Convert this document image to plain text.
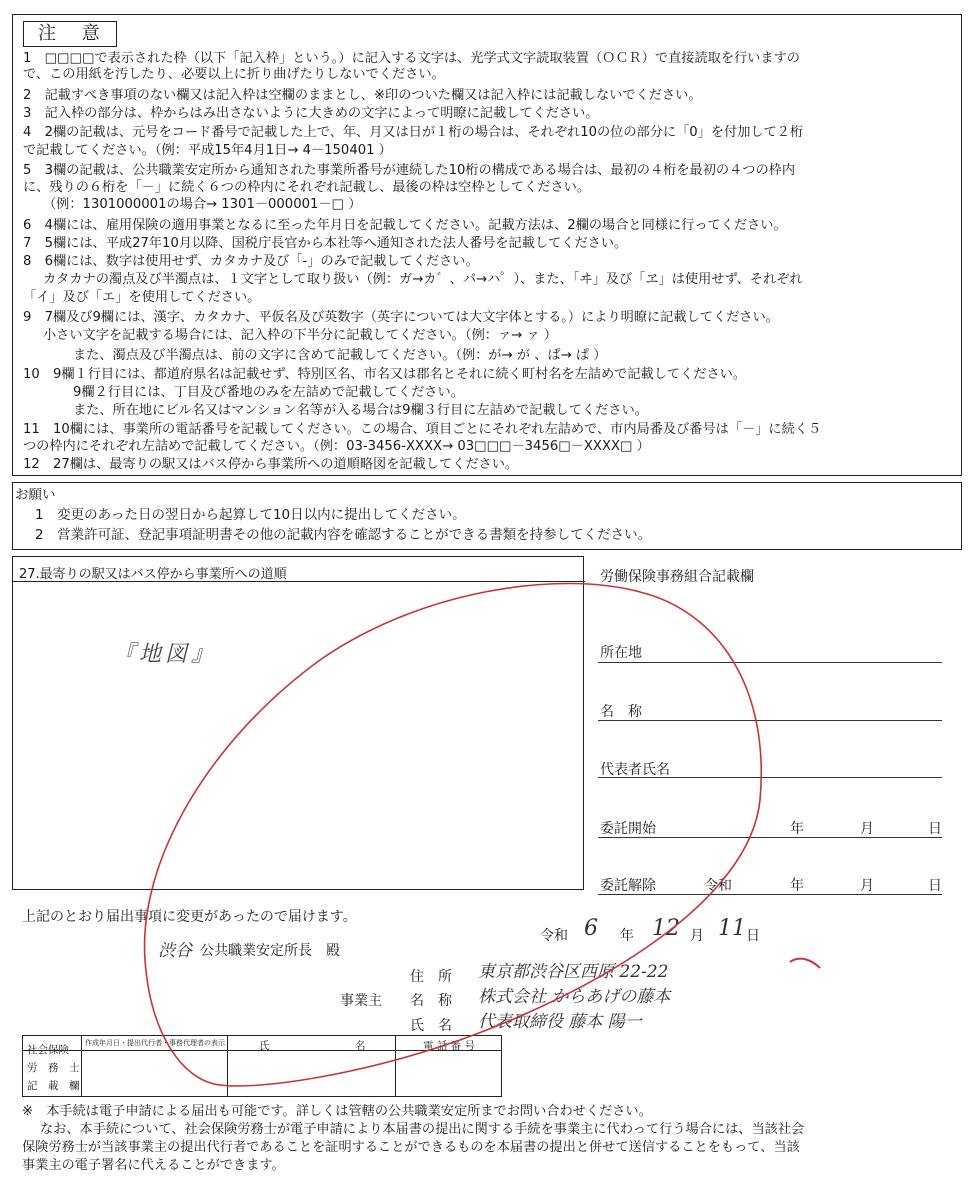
注 意
1　□□□□で表示された枠（以下「記入枠」という。）に記入する文字は、光学式文字読取装置（ＯＣＲ）で直接読取を行いますの
で、この用紙を汚したり、必要以上に折り曲げたりしないでください。
2　記載すべき事項のない欄又は記入枠は空欄のままとし、※印のついた欄又は記入枠には記載しないでください。
3　記入枠の部分は、枠からはみ出さないように大きめの文字によって明瞭に記載してください。
4　2欄の記載は、元号をコード番号で記載した上で、年、月又は日が１桁の場合は、それぞれ10の位の部分に「0」を付加して２桁
で記載してください。（例：平成15年4月1日→ 4－150401 ）
5　3欄の記載は、公共職業安定所から通知された事業所番号が連続した10桁の構成である場合は、最初の４桁を最初の４つの枠内
に、残りの６桁を「－」に続く６つの枠内にそれぞれ記載し、最後の枠は空枠としてください。
（例：1301000001の場合→ 1301－000001－□ ）
6　4欄には、雇用保険の適用事業となるに至った年月日を記載してください。記載方法は、2欄の場合と同様に行ってください。
7　5欄には、平成27年10月以降、国税庁長官から本社等へ通知された法人番号を記載してください。
8　6欄には、数字は使用せず、カタカナ及び「-」のみで記載してください。
カタカナの濁点及び半濁点は、１文字として取り扱い（例：ガ→カ゛、パ→ハ゜）、また、「ヰ」及び「ヱ」は使用せず、それぞれ
「イ」及び「エ」を使用してください。
9　7欄及び9欄には、漢字、カタカナ、平仮名及び英数字（英字については大文字体とする。）により明瞭に記載してください。
小さい文字を記載する場合には、記入枠の下半分に記載してください。（例：ァ→ ァ ）
また、濁点及び半濁点は、前の文字に含めて記載してください。（例：が→ が 、ぱ→ ぱ ）
10　9欄１行目には、都道府県名は記載せず、特別区名、市名又は郡名とそれに続く町村名を左詰めで記載してください。
9欄２行目には、丁目及び番地のみを左詰めで記載してください。
また、所在地にビル名又はマンション名等が入る場合は9欄３行目に左詰めで記載してください。
11　10欄には、事業所の電話番号を記載してください。この場合、項目ごとにそれぞれ左詰めで、市内局番及び番号は「－」に続く５
つの枠内にそれぞれ左詰めで記載してください。（例：03-3456-XXXX→ 03□□□－3456□－XXXX□ ）
12　27欄は、最寄りの駅又はバス停から事業所への道順略図を記載してください。
お願い
1　変更のあった日の翌日から起算して10日以内に提出してください。
2　営業許可証、登記事項証明書その他の記載内容を確認することができる書類を持参してください。
27.最寄りの駅又はバス停から事業所への道順
『地図』
労働保険事務組合記載欄
所在地
名　称
代表者氏名
委託開始	年	月	日
委託解除	令和	年	月	日
上記のとおり届出事項に変更があったので届けます。
令和 6 年 12 月 11 日
渋谷 公共職業安定所長　殿
住　所 東京都渋谷区西原 22-22
事業主 名　称 株式会社 からあげの藤本
氏　名 代表取締役 藤本 陽一
社会保険
労　務　士
記　載　欄
作成年月日・提出代行者・事務代理者の表示	氏	名	電 話 番 号
※　本手続は電子申請による届出も可能です。詳しくは管轄の公共職業安定所までお問い合わせください。
なお、本手続について、社会保険労務士が電子申請により本届書の提出に関する手続を事業主に代わって行う場合には、当該社会
保険労務士が当該事業主の提出代行者であることを証明することができるものを本届書の提出と併せて送信することをもって、当該
事業主の電子署名に代えることができます。
